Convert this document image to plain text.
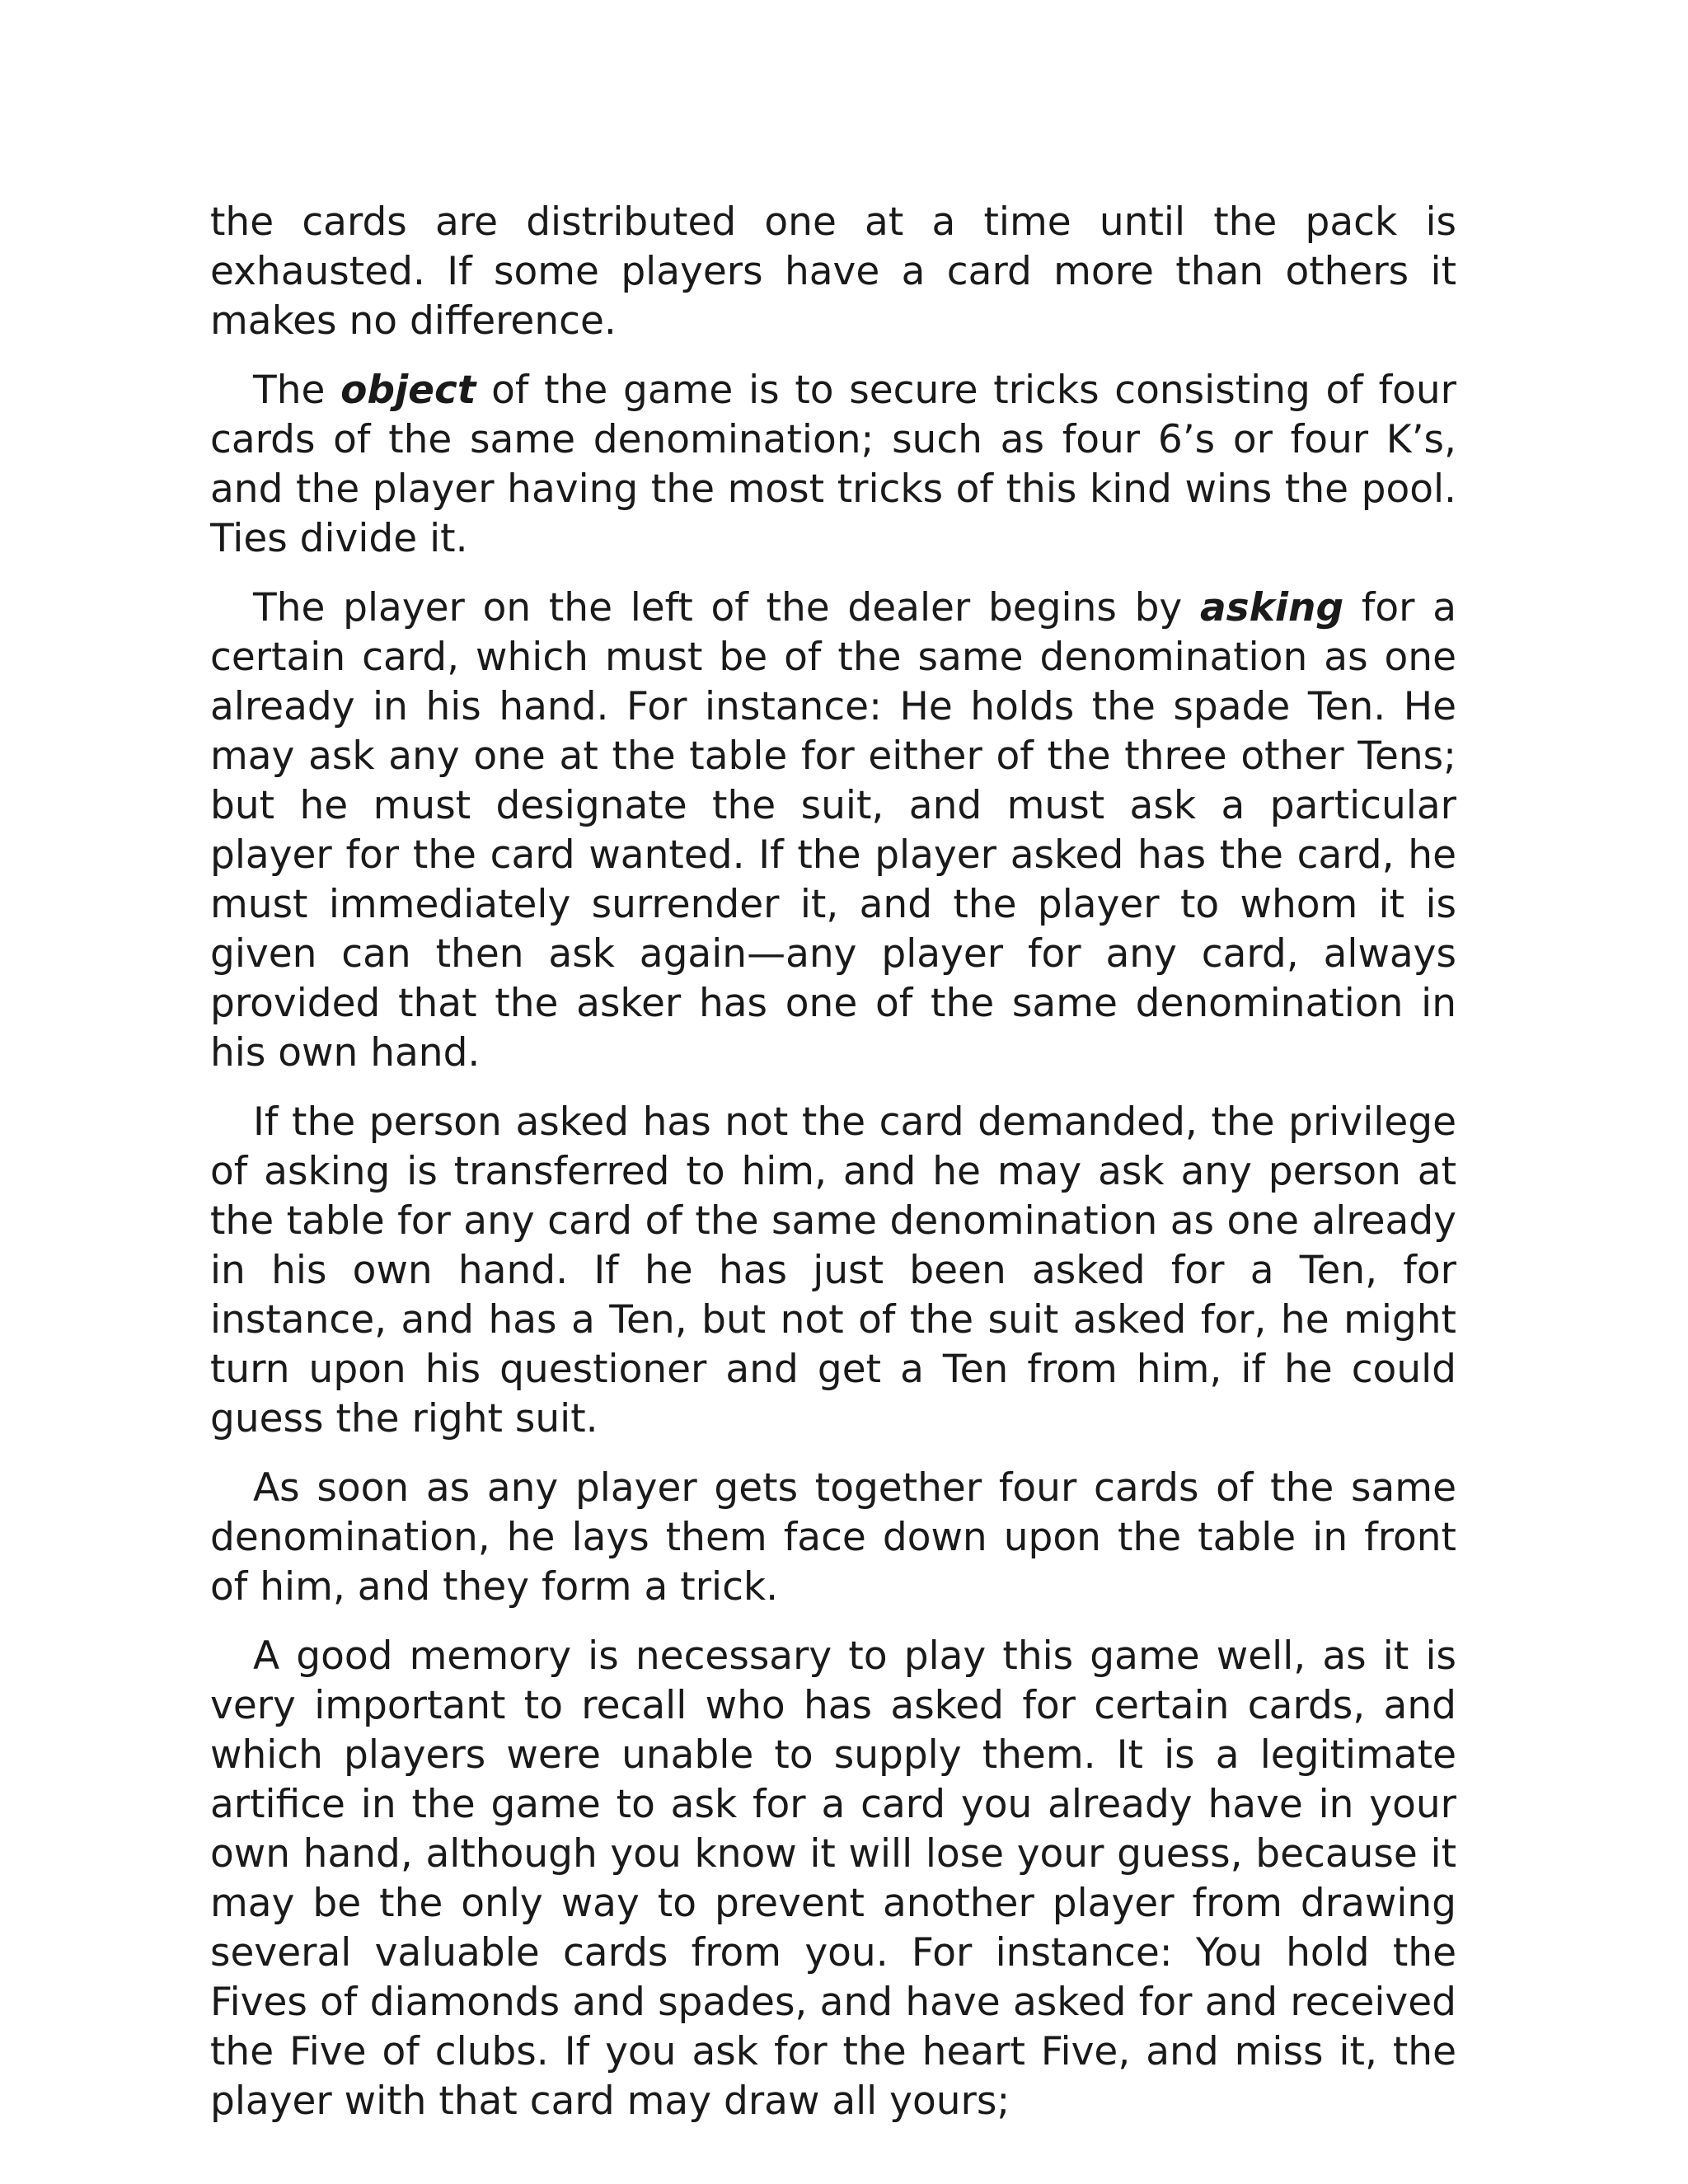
the cards are distributed one at a time until the pack is exhausted. If some players have a card more than others it makes no difference.

The object of the game is to secure tricks consisting of four cards of the same denomination; such as four 6’s or four K’s, and the player having the most tricks of this kind wins the pool. Ties divide it.

The player on the left of the dealer begins by asking for a certain card, which must be of the same denomination as one already in his hand. For instance: He holds the spade Ten. He may ask any one at the table for either of the three other Tens; but he must designate the suit, and must ask a particular player for the card wanted. If the player asked has the card, he must immediately surrender it, and the player to whom it is given can then ask again—any player for any card, always provided that the asker has one of the same denomination in his own hand.

If the person asked has not the card demanded, the privilege of asking is transferred to him, and he may ask any person at the table for any card of the same denomination as one already in his own hand. If he has just been asked for a Ten, for instance, and has a Ten, but not of the suit asked for, he might turn upon his questioner and get a Ten from him, if he could guess the right suit.

As soon as any player gets together four cards of the same denomination, he lays them face down upon the table in front of him, and they form a trick.

A good memory is necessary to play this game well, as it is very important to recall who has asked for certain cards, and which players were unable to supply them. It is a legitimate artifice in the game to ask for a card you already have in your own hand, although you know it will lose your guess, because it may be the only way to prevent another player from drawing several valuable cards from you. For instance: You hold the Fives of diamonds and spades, and have asked for and received the Five of clubs. If you ask for the heart Five, and miss it, the player with that card may draw all yours;
